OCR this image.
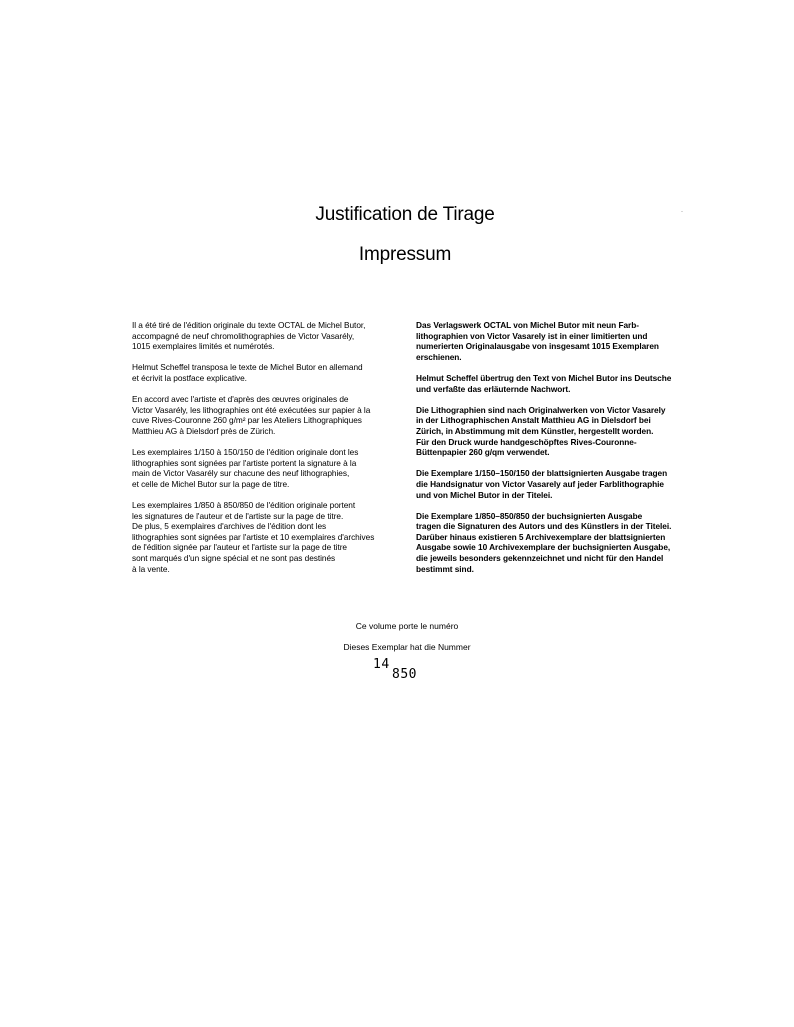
Justification de Tirage
Impressum

Il a été tiré de l'édition originale du texte OCTAL de Michel Butor,
accompagné de neuf chromolithographies de Victor Vasarély,
1015 exemplaires limités et numérotés.

Helmut Scheffel transposa le texte de Michel Butor en allemand
et écrivit la postface explicative.

En accord avec l'artiste et d'après des œuvres originales de
Victor Vasarély, les lithographies ont été exécutées sur papier à la
cuve Rives-Couronne 260 g/m² par les Ateliers Lithographiques
Matthieu AG à Dielsdorf près de Zürich.

Les exemplaires 1/150 à 150/150 de l'édition originale dont les
lithographies sont signées par l'artiste portent la signature à la
main de Victor Vasarély sur chacune des neuf lithographies,
et celle de Michel Butor sur la page de titre.

Les exemplaires 1/850 à 850/850 de l'édition originale portent
les signatures de l'auteur et de l'artiste sur la page de titre.
De plus, 5 exemplaires d'archives de l'édition dont les
lithographies sont signées par l'artiste et 10 exemplaires d'archives
de l'édition signée par l'auteur et l'artiste sur la page de titre
sont marqués d'un signe spécial et ne sont pas destinés
à la vente.

Das Verlagswerk OCTAL von Michel Butor mit neun Farb-
lithographien von Victor Vasarely ist in einer limitierten und
numerierten Originalausgabe von insgesamt 1015 Exemplaren
erschienen.

Helmut Scheffel übertrug den Text von Michel Butor ins Deutsche
und verfaßte das erläuternde Nachwort.

Die Lithographien sind nach Originalwerken von Victor Vasarely
in der Lithographischen Anstalt Matthieu AG in Dielsdorf bei
Zürich, in Abstimmung mit dem Künstler, hergestellt worden.
Für den Druck wurde handgeschöpftes Rives-Couronne-
Büttenpapier 260 g/qm verwendet.

Die Exemplare 1/150–150/150 der blattsignierten Ausgabe tragen
die Handsignatur von Victor Vasarely auf jeder Farblithographie
und von Michel Butor in der Titelei.

Die Exemplare 1/850–850/850 der buchsignierten Ausgabe
tragen die Signaturen des Autors und des Künstlers in der Titelei.
Darüber hinaus existieren 5 Archivexemplare der blattsignierten
Ausgabe sowie 10 Archivexemplare der buchsignierten Ausgabe,
die jeweils besonders gekennzeichnet und nicht für den Handel
bestimmt sind.

Ce volume porte le numéro
Dieses Exemplar hat die Nummer
14
850
